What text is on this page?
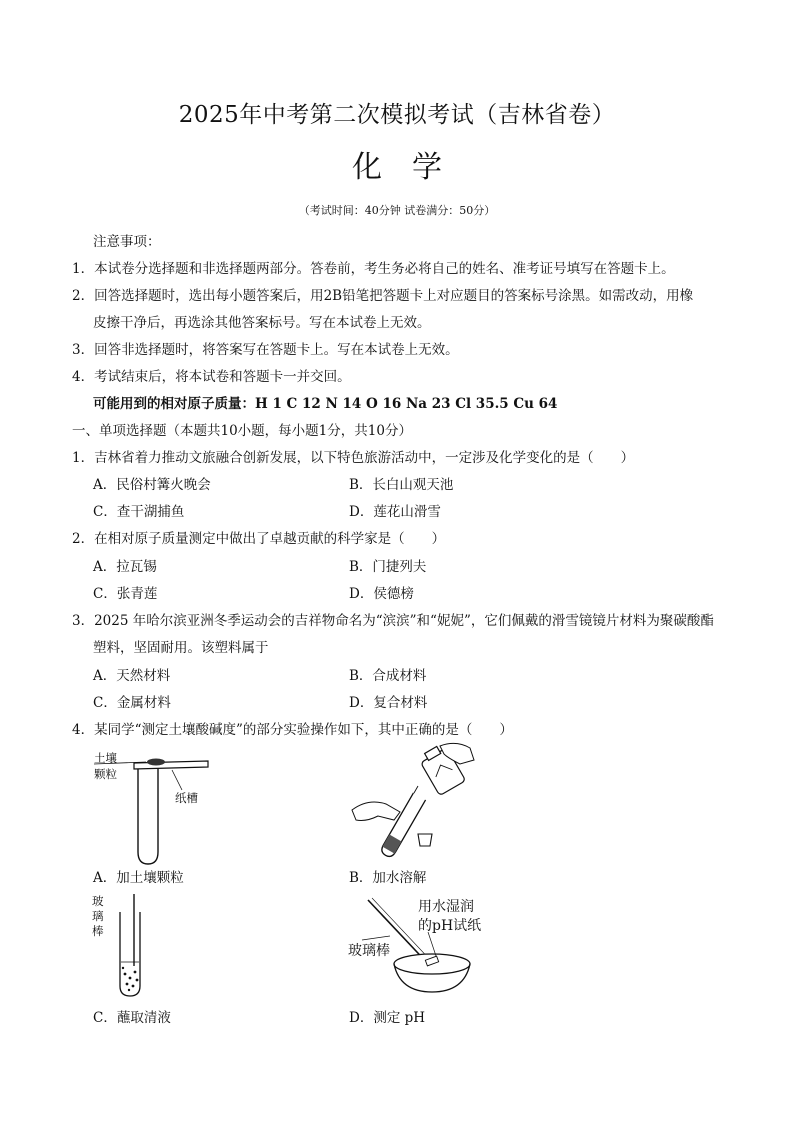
2025年中考第二次模拟考试（吉林省卷）
化学
（考试时间：40分钟 试卷满分：50分）
注意事项：
1．本试卷分选择题和非选择题两部分。答卷前，考生务必将自己的姓名、准考证号填写在答题卡上。
2．回答选择题时，选出每小题答案后，用2B铅笔把答题卡上对应题目的答案标号涂黑。如需改动，用橡
皮擦干净后，再选涂其他答案标号。写在本试卷上无效。
3．回答非选择题时，将答案写在答题卡上。写在本试卷上无效。
4．考试结束后，将本试卷和答题卡一并交回。
可能用到的相对原子质量：H 1 C 12 N 14 O 16 Na 23 Cl 35.5 Cu 64
一、单项选择题（本题共10小题，每小题1分，共10分）
1．吉林省着力推动文旅融合创新发展，以下特色旅游活动中，一定涉及化学变化的是（　　）
A．民俗村篝火晚会	B．长白山观天池
C．查干湖捕鱼	D．莲花山滑雪
2．在相对原子质量测定中做出了卓越贡献的科学家是（　　）
A．拉瓦锡	B．门捷列夫
C．张青莲	D．侯德榜
3．2025 年哈尔滨亚洲冬季运动会的吉祥物命名为“滨滨”和“妮妮”，它们佩戴的滑雪镜镜片材料为聚碳酸酯
塑料，坚固耐用。该塑料属于
A．天然材料	B．合成材料
C．金属材料	D．复合材料
4．某同学“测定土壤酸碱度”的部分实验操作如下，其中正确的是（　　）
土壤
颗粒
纸槽
A．加土壤颗粒	B．加水溶解
玻
璃
棒
用水湿润
的pH试纸
玻璃棒
C．蘸取清液	D．测定 pH
